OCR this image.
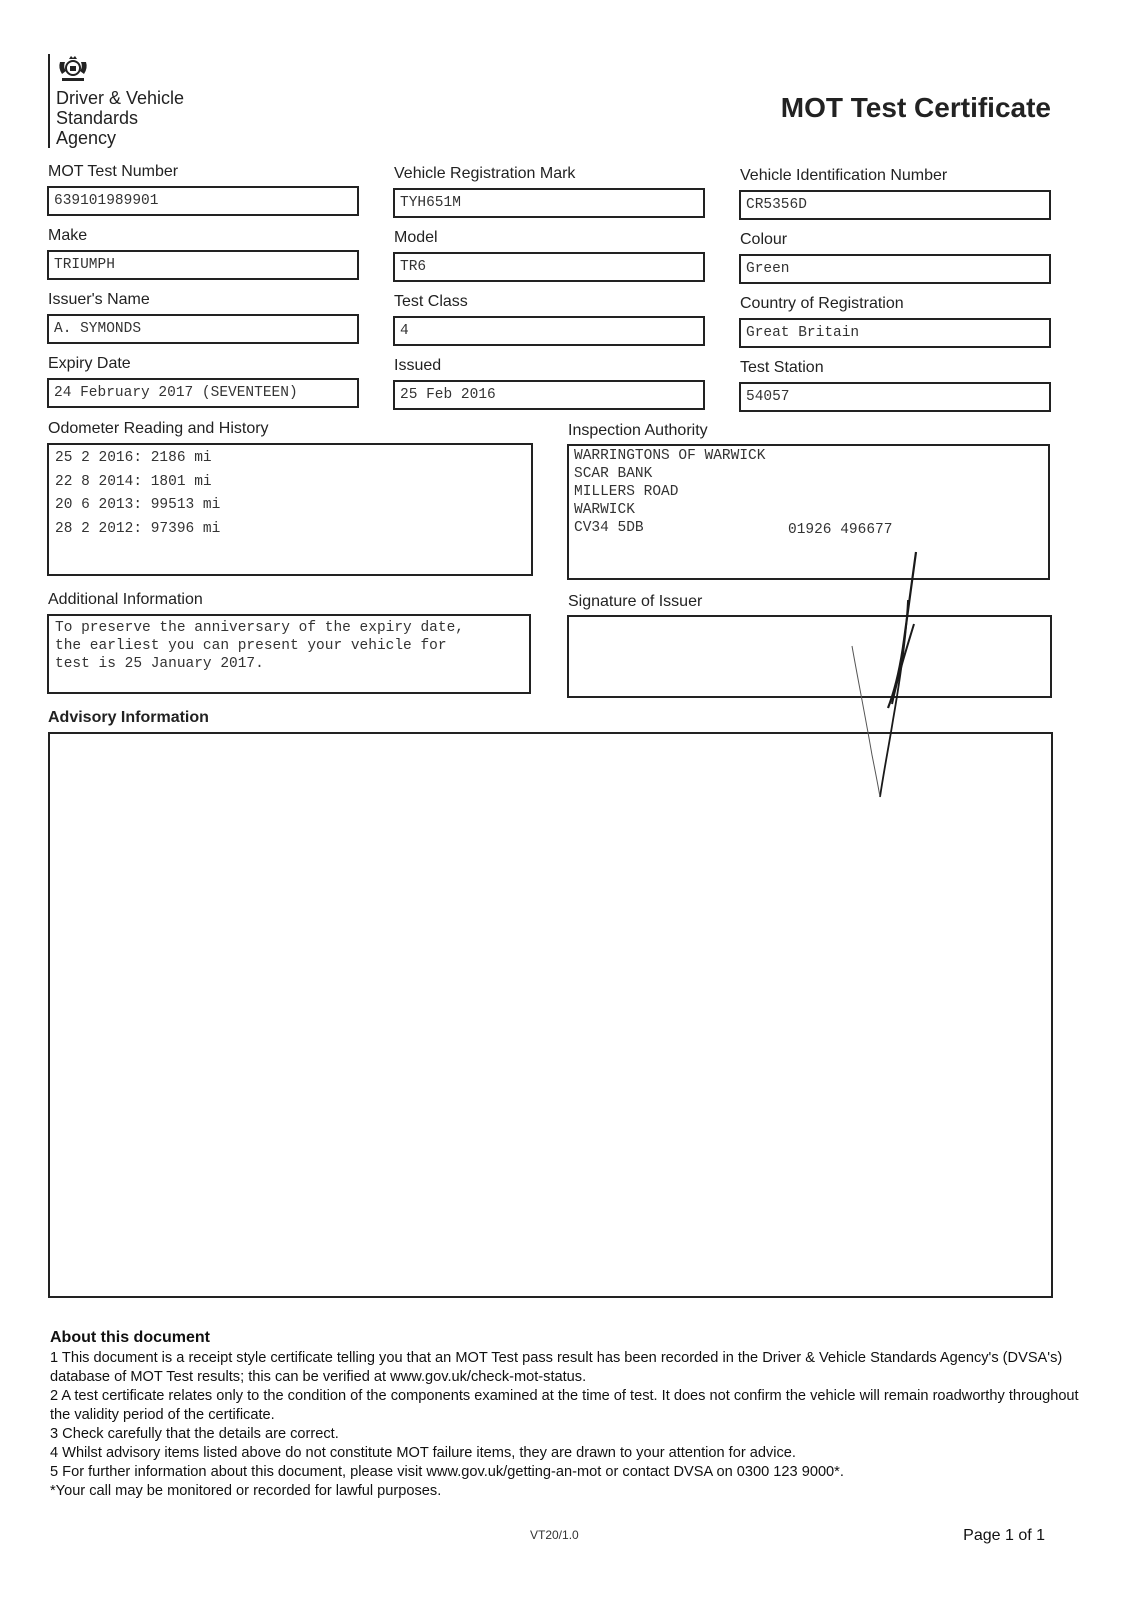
Driver & Vehicle
Standards
Agency
MOT Test Certificate
MOT Test Number
639101989901
Vehicle Registration Mark
TYH651M
Vehicle Identification Number
CR5356D
Make
TRIUMPH
Model
TR6
Colour
Green
Issuer's Name
A. SYMONDS
Test Class
4
Country of Registration
Great Britain
Expiry Date
24 February 2017 (SEVENTEEN)
Issued
25 Feb 2016
Test Station
54057
Odometer Reading and History
25 2 2016: 2186 mi
22 8 2014: 1801 mi
20 6 2013: 99513 mi
28 2 2012: 97396 mi
Inspection Authority
WARRINGTONS OF WARWICK
SCAR BANK
MILLERS ROAD
WARWICK
CV34 5DB	01926 496677
Additional Information
To preserve the anniversary of the expiry date,
the earliest you can present your vehicle for
test is 25 January 2017.
Signature of Issuer
Advisory Information
About this document
1 This document is a receipt style certificate telling you that an MOT Test pass result has been recorded in the Driver & Vehicle Standards Agency's (DVSA's) database of MOT Test results; this can be verified at www.gov.uk/check-mot-status.
2 A test certificate relates only to the condition of the components examined at the time of test. It does not confirm the vehicle will remain roadworthy throughout the validity period of the certificate.
3 Check carefully that the details are correct.
4 Whilst advisory items listed above do not constitute MOT failure items, they are drawn to your attention for advice.
5 For further information about this document, please visit www.gov.uk/getting-an-mot or contact DVSA on 0300 123 9000*.
*Your call may be monitored or recorded for lawful purposes.
VT20/1.0	Page 1 of 1
